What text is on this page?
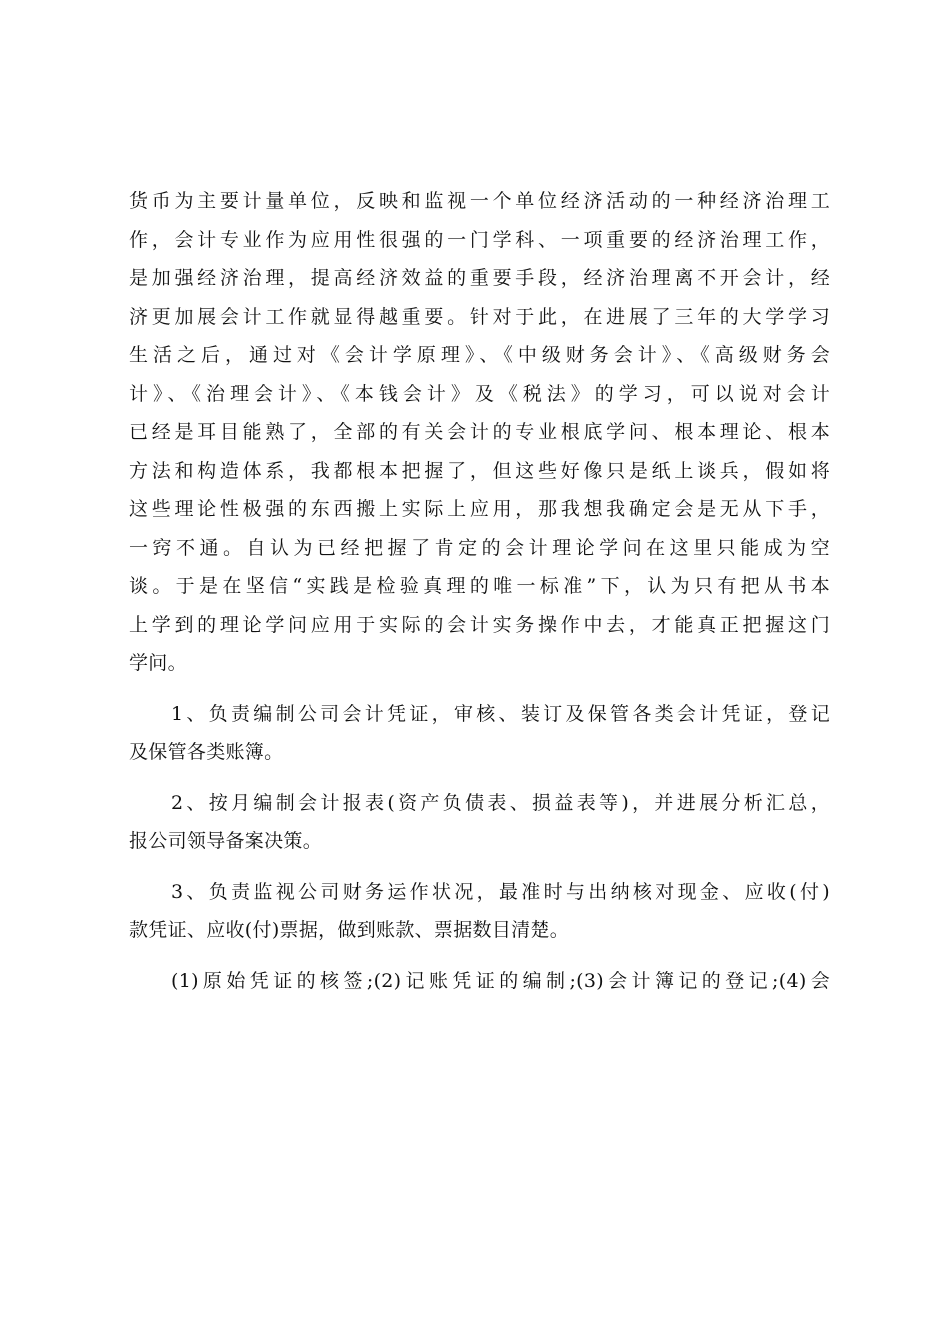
货币为主要计量单位，反映和监视一个单位经济活动的一种经济治理工
作，会计专业作为应用性很强的一门学科、一项重要的经济治理工作，
是加强经济治理，提高经济效益的重要手段，经济治理离不开会计，经
济更加展会计工作就显得越重要。针对于此，在进展了三年的大学学习
生活之后，通过对《会计学原理》、《中级财务会计》、《高级财务会
计》、《治理会计》、《本钱会计》及《税法》的学习，可以说对会计
已经是耳目能熟了，全部的有关会计的专业根底学问、根本理论、根本
方法和构造体系，我都根本把握了，但这些好像只是纸上谈兵，假如将
这些理论性极强的东西搬上实际上应用，那我想我确定会是无从下手，
一窍不通。自认为已经把握了肯定的会计理论学问在这里只能成为空
谈。于是在坚信“实践是检验真理的唯一标准”下，认为只有把从书本
上学到的理论学问应用于实际的会计实务操作中去，才能真正把握这门
学问。
1、负责编制公司会计凭证，审核、装订及保管各类会计凭证，登记
及保管各类账簿。
2、按月编制会计报表(资产负债表、损益表等)，并进展分析汇总，
报公司领导备案决策。
3、负责监视公司财务运作状况，最准时与出纳核对现金、应收(付)
款凭证、应收(付)票据，做到账款、票据数目清楚。
(1)原始凭证的核签;(2)记账凭证的编制;(3)会计簿记的登记;(4)会
